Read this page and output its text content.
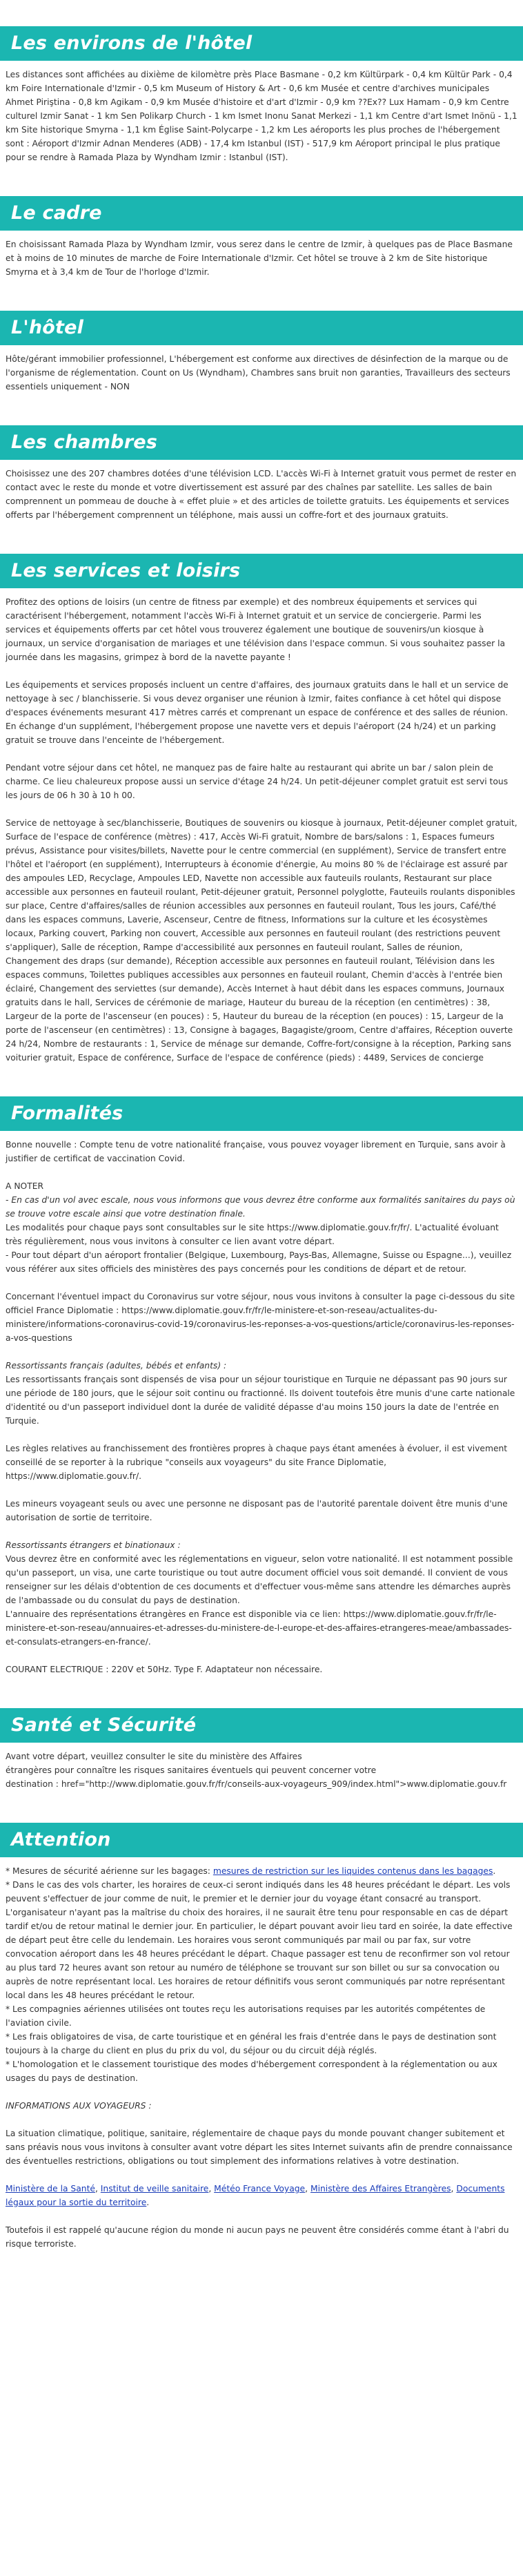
Les environs de l'hôtel

Les distances sont affichées au dixième de kilomètre près Place Basmane - 0,2 km Kültürpark - 0,4 km Kültür Park - 0,4 km Foire Internationale d'Izmir - 0,5 km Museum of History & Art - 0,6 km Musée et centre d'archives municipales Ahmet Piriştina - 0,8 km Agikam - 0,9 km Musée d'histoire et d'art d'Izmir - 0,9 km ??Ex?? Lux Hamam - 0,9 km Centre culturel Izmir Sanat - 1 km Sen Polikarp Church - 1 km Ismet Inonu Sanat Merkezi - 1,1 km Centre d'art Ismet Inönü - 1,1 km Site historique Smyrna - 1,1 km Église Saint-Polycarpe - 1,2 km Les aéroports les plus proches de l'hébergement sont : Aéroport d'Izmir Adnan Menderes (ADB) - 17,4 km Istanbul (IST) - 517,9 km Aéroport principal le plus pratique pour se rendre à Ramada Plaza by Wyndham Izmir : Istanbul (IST).

Le cadre

En choisissant Ramada Plaza by Wyndham Izmir, vous serez dans le centre de Izmir, à quelques pas de Place Basmane et à moins de 10 minutes de marche de Foire Internationale d'Izmir. Cet hôtel se trouve à 2 km de Site historique Smyrna et à 3,4 km de Tour de l'horloge d'Izmir.

L'hôtel

Hôte/gérant immobilier professionnel, L'hébergement est conforme aux directives de désinfection de la marque ou de l'organisme de réglementation. Count on Us (Wyndham), Chambres sans bruit non garanties, Travailleurs des secteurs essentiels uniquement - NON

Les chambres

Choisissez une des 207 chambres dotées d'une télévision LCD. L'accès Wi-Fi à Internet gratuit vous permet de rester en contact avec le reste du monde et votre divertissement est assuré par des chaînes par satellite. Les salles de bain comprennent un pommeau de douche à « effet pluie » et des articles de toilette gratuits. Les équipements et services offerts par l'hébergement comprennent un téléphone, mais aussi un coffre-fort et des journaux gratuits.

Les services et loisirs

Profitez des options de loisirs (un centre de fitness par exemple) et des nombreux équipements et services qui caractérisent l'hébergement, notamment l'accès Wi-Fi à Internet gratuit et un service de conciergerie. Parmi les services et équipements offerts par cet hôtel vous trouverez également une boutique de souvenirs/un kiosque à journaux, un service d'organisation de mariages et une télévision dans l'espace commun. Si vous souhaitez passer la journée dans les magasins, grimpez à bord de la navette payante !

Les équipements et services proposés incluent un centre d'affaires, des journaux gratuits dans le hall et un service de nettoyage à sec / blanchisserie. Si vous devez organiser une réunion à Izmir, faites confiance à cet hôtel qui dispose d'espaces événements mesurant 417 mètres carrés et comprenant un espace de conférence et des salles de réunion. En échange d'un supplément, l'hébergement propose une navette vers et depuis l'aéroport (24 h/24) et un parking gratuit se trouve dans l'enceinte de l'hébergement.

Pendant votre séjour dans cet hôtel, ne manquez pas de faire halte au restaurant qui abrite un bar / salon plein de charme. Ce lieu chaleureux propose aussi un service d'étage 24 h/24. Un petit-déjeuner complet gratuit est servi tous les jours de 06 h 30 à 10 h 00.

Service de nettoyage à sec/blanchisserie, Boutiques de souvenirs ou kiosque à journaux, Petit-déjeuner complet gratuit, Surface de l'espace de conférence (mètres) : 417, Accès Wi-Fi gratuit, Nombre de bars/salons : 1, Espaces fumeurs prévus, Assistance pour visites/billets, Navette pour le centre commercial (en supplément), Service de transfert entre l'hôtel et l'aéroport (en supplément), Interrupteurs à économie d'énergie, Au moins 80 % de l'éclairage est assuré par des ampoules LED, Recyclage, Ampoules LED, Navette non accessible aux fauteuils roulants, Restaurant sur place accessible aux personnes en fauteuil roulant, Petit-déjeuner gratuit, Personnel polyglotte, Fauteuils roulants disponibles sur place, Centre d'affaires/salles de réunion accessibles aux personnes en fauteuil roulant, Tous les jours, Café/thé dans les espaces communs, Laverie, Ascenseur, Centre de fitness, Informations sur la culture et les écosystèmes locaux, Parking couvert, Parking non couvert, Accessible aux personnes en fauteuil roulant (des restrictions peuvent s'appliquer), Salle de réception, Rampe d'accessibilité aux personnes en fauteuil roulant, Salles de réunion, Changement des draps (sur demande), Réception accessible aux personnes en fauteuil roulant, Télévision dans les espaces communs, Toilettes publiques accessibles aux personnes en fauteuil roulant, Chemin d'accès à l'entrée bien éclairé, Changement des serviettes (sur demande), Accès Internet à haut débit dans les espaces communs, Journaux gratuits dans le hall, Services de cérémonie de mariage, Hauteur du bureau de la réception (en centimètres) : 38, Largeur de la porte de l'ascenseur (en pouces) : 5, Hauteur du bureau de la réception (en pouces) : 15, Largeur de la porte de l'ascenseur (en centimètres) : 13, Consigne à bagages, Bagagiste/groom, Centre d'affaires, Réception ouverte 24 h/24, Nombre de restaurants : 1, Service de ménage sur demande, Coffre-fort/consigne à la réception, Parking sans voiturier gratuit, Espace de conférence, Surface de l'espace de conférence (pieds) : 4489, Services de concierge

Formalités

Bonne nouvelle : Compte tenu de votre nationalité française, vous pouvez voyager librement en Turquie, sans avoir à justifier de certificat de vaccination Covid.

A NOTER
- En cas d'un vol avec escale, nous vous informons que vous devrez être conforme aux formalités sanitaires du pays où se trouve votre escale ainsi que votre destination finale.
Les modalités pour chaque pays sont consultables sur le site https://www.diplomatie.gouv.fr/fr/. L'actualité évoluant très régulièrement, nous vous invitons à consulter ce lien avant votre départ.
- Pour tout départ d'un aéroport frontalier (Belgique, Luxembourg, Pays-Bas, Allemagne, Suisse ou Espagne...), veuillez vous référer aux sites officiels des ministères des pays concernés pour les conditions de départ et de retour.

Concernant l'éventuel impact du Coronavirus sur votre séjour, nous vous invitons à consulter la page ci-dessous du site officiel France Diplomatie : https://www.diplomatie.gouv.fr/fr/le-ministere-et-son-reseau/actualites-du-ministere/informations-coronavirus-covid-19/coronavirus-les-reponses-a-vos-questions/article/coronavirus-les-reponses-a-vos-questions

Ressortissants français (adultes, bébés et enfants) :
Les ressortissants français sont dispensés de visa pour un séjour touristique en Turquie ne dépassant pas 90 jours sur une période de 180 jours, que le séjour soit continu ou fractionné. Ils doivent toutefois être munis d'une carte nationale d'identité ou d'un passeport individuel dont la durée de validité dépasse d'au moins 150 jours la date de l'entrée en Turquie.

Les règles relatives au franchissement des frontières propres à chaque pays étant amenées à évoluer, il est vivement conseillé de se reporter à la rubrique "conseils aux voyageurs" du site France Diplomatie, https://www.diplomatie.gouv.fr/.

Les mineurs voyageant seuls ou avec une personne ne disposant pas de l'autorité parentale doivent être munis d'une autorisation de sortie de territoire.

Ressortissants étrangers et binationaux :
Vous devrez être en conformité avec les réglementations en vigueur, selon votre nationalité. Il est notamment possible qu'un passeport, un visa, une carte touristique ou tout autre document officiel vous soit demandé. Il convient de vous renseigner sur les délais d'obtention de ces documents et d'effectuer vous-même sans attendre les démarches auprès de l'ambassade ou du consulat du pays de destination.
L'annuaire des représentations étrangères en France est disponible via ce lien: https://www.diplomatie.gouv.fr/fr/le-ministere-et-son-reseau/annuaires-et-adresses-du-ministere-de-l-europe-et-des-affaires-etrangeres-meae/ambassades-et-consulats-etrangers-en-france/.

COURANT ELECTRIQUE : 220V et 50Hz. Type F. Adaptateur non nécessaire.

Santé et Sécurité

Avant votre départ, veuillez consulter le site du ministère des Affaires
étrangères pour connaître les risques sanitaires éventuels qui peuvent concerner votre
destination : href="http://www.diplomatie.gouv.fr/fr/conseils-aux-voyageurs_909/index.html">www.diplomatie.gouv.fr

Attention

* Mesures de sécurité aérienne sur les bagages: mesures de restriction sur les liquides contenus dans les bagages.
* Dans le cas des vols charter, les horaires de ceux-ci seront indiqués dans les 48 heures précédant le départ. Les vols peuvent s'effectuer de jour comme de nuit, le premier et le dernier jour du voyage étant consacré au transport. L'organisateur n'ayant pas la maîtrise du choix des horaires, il ne saurait être tenu pour responsable en cas de départ tardif et/ou de retour matinal le dernier jour. En particulier, le départ pouvant avoir lieu tard en soirée, la date effective de départ peut être celle du lendemain. Les horaires vous seront communiqués par mail ou par fax, sur votre convocation aéroport dans les 48 heures précédant le départ. Chaque passager est tenu de reconfirmer son vol retour au plus tard 72 heures avant son retour au numéro de téléphone se trouvant sur son billet ou sur sa convocation ou auprès de notre représentant local. Les horaires de retour définitifs vous seront communiqués par notre représentant local dans les 48 heures précédant le retour.
* Les compagnies aériennes utilisées ont toutes reçu les autorisations requises par les autorités compétentes de l'aviation civile.
* Les frais obligatoires de visa, de carte touristique et en général les frais d'entrée dans le pays de destination sont toujours à la charge du client en plus du prix du vol, du séjour ou du circuit déjà réglés.
* L'homologation et le classement touristique des modes d'hébergement correspondent à la réglementation ou aux usages du pays de destination.

INFORMATIONS AUX VOYAGEURS :

La situation climatique, politique, sanitaire, réglementaire de chaque pays du monde pouvant changer subitement et sans préavis nous vous invitons à consulter avant votre départ les sites Internet suivants afin de prendre connaissance des éventuelles restrictions, obligations ou tout simplement des informations relatives à votre destination.

Ministère de la Santé, Institut de veille sanitaire, Météo France Voyage, Ministère des Affaires Etrangères, Documents légaux pour la sortie du territoire.

Toutefois il est rappelé qu'aucune région du monde ni aucun pays ne peuvent être considérés comme étant à l'abri du risque terroriste.
